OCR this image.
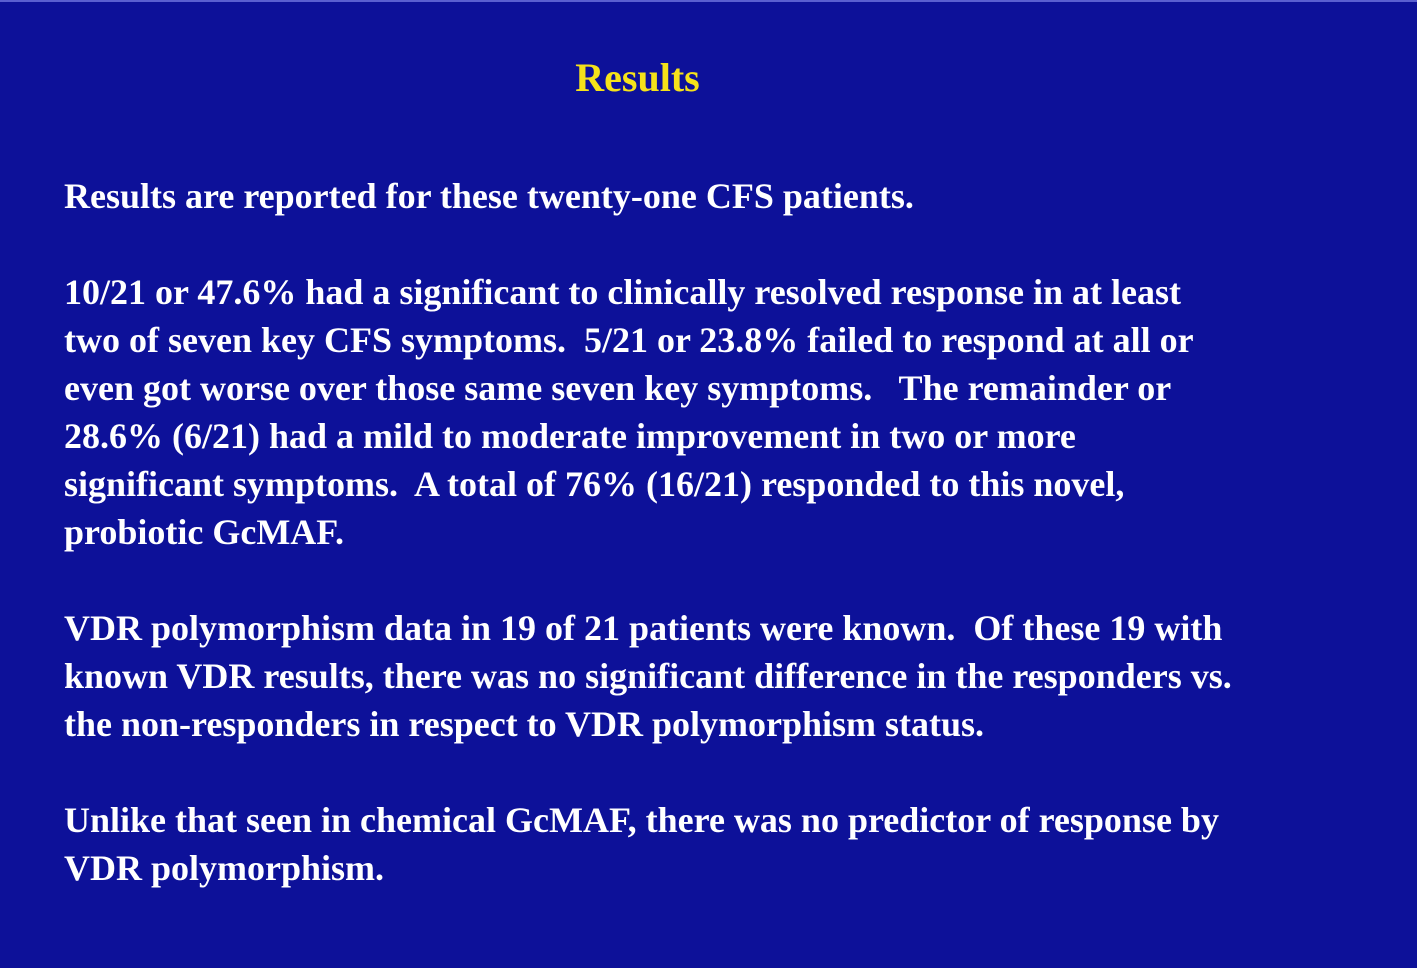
Results

Results are reported for these twenty-one CFS patients.

10/21 or 47.6% had a significant to clinically resolved response in at least
two of seven key CFS symptoms.  5/21 or 23.8% failed to respond at all or
even got worse over those same seven key symptoms.   The remainder or
28.6% (6/21) had a mild to moderate improvement in two or more
significant symptoms.  A total of 76% (16/21) responded to this novel,
probiotic GcMAF.

VDR polymorphism data in 19 of 21 patients were known.  Of these 19 with
known VDR results, there was no significant difference in the responders vs.
the non-responders in respect to VDR polymorphism status.

Unlike that seen in chemical GcMAF, there was no predictor of response by
VDR polymorphism.
